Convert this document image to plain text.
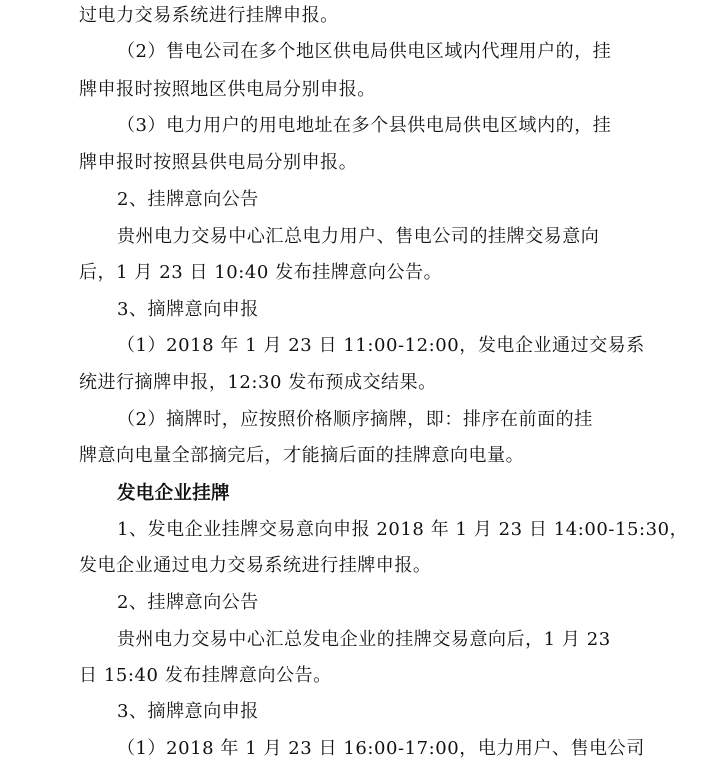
过电力交易系统进行挂牌申报。
（2）售电公司在多个地区供电局供电区域内代理用户的，挂
牌申报时按照地区供电局分别申报。
（3）电力用户的用电地址在多个县供电局供电区域内的，挂
牌申报时按照县供电局分别申报。
2、挂牌意向公告
贵州电力交易中心汇总电力用户、售电公司的挂牌交易意向
后，1 月 23 日 10:40 发布挂牌意向公告。
3、摘牌意向申报
（1）2018 年 1 月 23 日 11:00-12:00，发电企业通过交易系
统进行摘牌申报，12:30 发布预成交结果。
（2）摘牌时，应按照价格顺序摘牌，即：排序在前面的挂
牌意向电量全部摘完后，才能摘后面的挂牌意向电量。
发电企业挂牌
1、发电企业挂牌交易意向申报 2018 年 1 月 23 日 14:00-15:30，
发电企业通过电力交易系统进行挂牌申报。
2、挂牌意向公告
贵州电力交易中心汇总发电企业的挂牌交易意向后，1 月 23
日 15:40 发布挂牌意向公告。
3、摘牌意向申报
（1）2018 年 1 月 23 日 16:00-17:00，电力用户、售电公司
